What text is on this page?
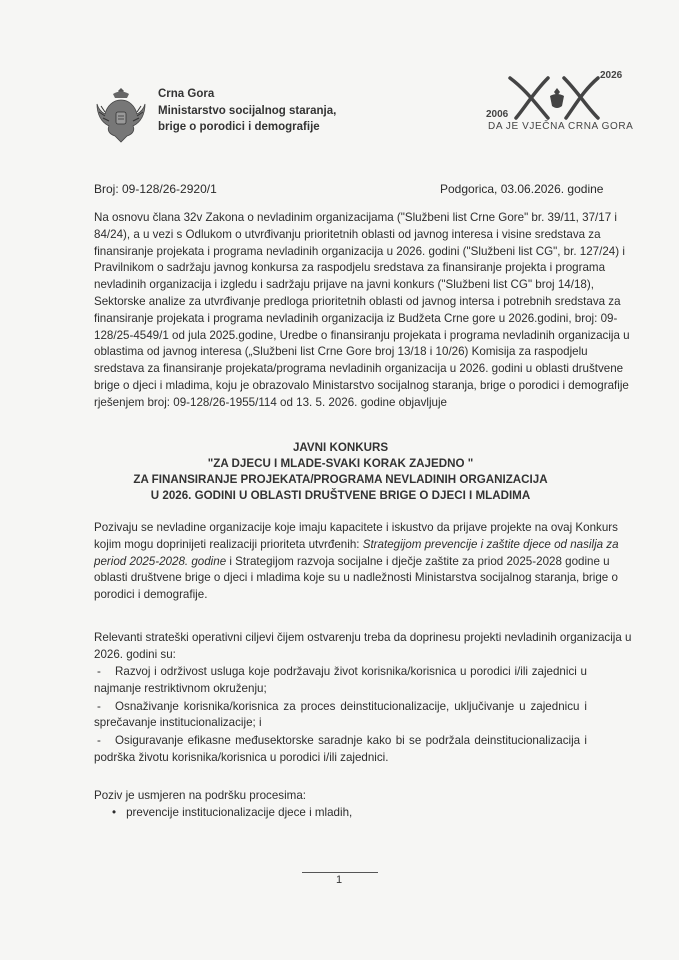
Crna Gora
Ministarstvo socijalnog staranja,
brige o porodici i demografije
2026
2006
DA JE VJEČNA CRNA GORA
Broj: 09-128/26-2920/1	Podgorica, 03.06.2026. godine
Na osnovu člana 32v Zakona o nevladinim organizacijama ("Službeni list Crne Gore" br. 39/11, 37/17 i
84/24), a u vezi s Odlukom o utvrđivanju prioritetnih oblasti od javnog interesa i visine sredstava za
finansiranje projekata i programa nevladinih organizacija u 2026. godini ("Službeni list CG", br. 127/24) i
Pravilnikom o sadržaju javnog konkursa za raspodjelu sredstava za finansiranje projekta i programa
nevladinih organizacija i izgledu i sadržaju prijave na javni konkurs ("Službeni list CG" broj 14/18),
Sektorske analize za utvrđivanje predloga prioritetnih oblasti od javnog intersa i potrebnih sredstava za
finansiranje projekata i programa nevladinih organizacija iz Budžeta Crne gore u 2026.godini, broj: 09-
128/25-4549/1 od jula 2025.godine, Uredbe o finansiranju projekata i programa nevladinih organizacija u
oblastima od javnog interesa („Službeni list Crne Gore broj 13/18 i 10/26) Komisija za raspodjelu
sredstava za finansiranje projekata/programa nevladinih organizacija u 2026. godini u oblasti društvene
brige o djeci i mladima, koju je obrazovalo Ministarstvo socijalnog staranja, brige o porodici i demografije
rješenjem broj: 09-128/26-1955/114 od 13. 5. 2026. godine objavljuje
JAVNI KONKURS
"ZA DJECU I MLADE-SVAKI KORAK ZAJEDNO "
ZA FINANSIRANJE PROJEKATA/PROGRAMA NEVLADINIH ORGANIZACIJA
U 2026. GODINI U OBLASTI DRUŠTVENE BRIGE O DJECI I MLADIMA
Pozivaju se nevladine organizacije koje imaju kapacitete i iskustvo da prijave projekte na ovaj Konkurs
kojim mogu doprinijeti realizaciji prioriteta utvrđenih: Strategijom prevencije i zaštite djece od nasilja za
period 2025-2028. godine i Strategijom razvoja socijalne i dječje zaštite za priod 2025-2028 godine u
oblasti društvene brige o djeci i mladima koje su u nadležnosti Ministarstva socijalnog staranja, brige o
porodici i demografije.
Relevanti strateški operativni ciljevi čijem ostvarenju treba da doprinesu projekti nevladinih organizacija u
2026. godini su:
- Razvoj i održivost usluga koje podržavaju život korisnika/korisnica u porodici i/ili zajednici u
najmanje restriktivnom okruženju;
- Osnaživanje korisnika/korisnica za proces deinstitucionalizacije, uključivanje u zajednicu i
sprečavanje institucionalizacije; i
- Osiguravanje efikasne međusektorske saradnje kako bi se podržala deinstitucionalizacija i
podrška životu korisnika/korisnica u porodici i/ili zajednici.
Poziv je usmjeren na podršku procesima:
• prevencije institucionalizacije djece i mladih,
1
